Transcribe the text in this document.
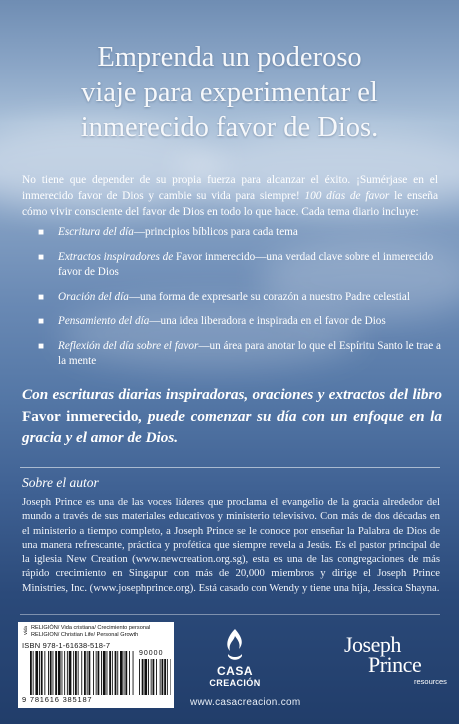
Emprenda un poderoso
viaje para experimentar el
inmerecido favor de Dios.
No tiene que depender de su propia fuerza para alcanzar el éxito. ¡Sumérjase en el inmerecido favor de Dios y cambie su vida para siempre! 100 días de favor le enseña cómo vivir consciente del favor de Dios en todo lo que hace. Cada tema diario incluye:
■ Escritura del día—principios bíblicos para cada tema
■ Extractos inspiradores de Favor inmerecido—una verdad clave sobre el inmerecido favor de Dios
■ Oración del día—una forma de expresarle su corazón a nuestro Padre celestial
■ Pensamiento del día—una idea liberadora e inspirada en el favor de Dios
■ Reflexión del día sobre el favor—un área para anotar lo que el Espíritu Santo le trae a la mente
Con escrituras diarias inspiradoras, oraciones y extractos del libro Favor inmerecido, puede comenzar su día con un enfoque en la gracia y el amor de Dios.
Sobre el autor
Joseph Prince es una de las voces líderes que proclama el evangelio de la gracia alrededor del mundo a través de sus materiales educativos y ministerio televisivo. Con más de dos décadas en el ministerio a tiempo completo, a Joseph Prince se le conoce por enseñar la Palabra de Dios de una manera refrescante, práctica y profética que siempre revela a Jesús. Es el pastor principal de la iglesia New Creation (www.newcreation.org.sg), esta es una de las congregaciones de más rápido crecimiento en Singapur con más de 20,000 miembros y dirige el Joseph Prince Ministries, Inc. (www.josephprince.org). Está casado con Wendy y tiene una hija, Jessica Shayna.
Vida RELIGIÓN/ Vida cristiana/ Crecimiento personal
RELIGION/ Christian Life/ Personal Growth
ISBN 978-1-61638-518-7
90000
9 781616 385187
CASA
CREACIÓN
www.casacreacion.com
Joseph
Prince
resources
